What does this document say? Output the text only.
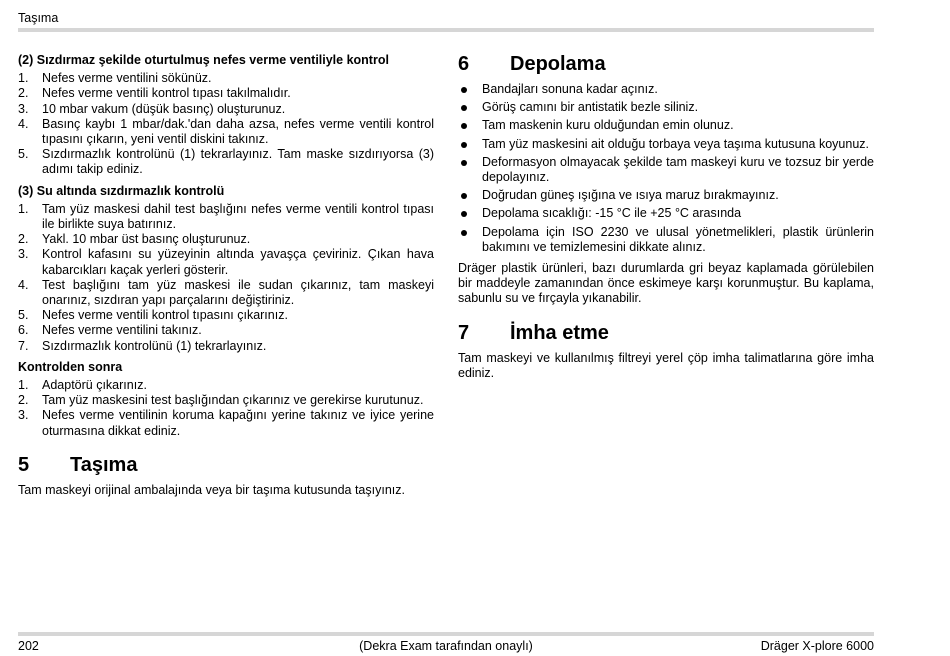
Taşıma
(2) Sızdırmaz şekilde oturtulmuş nefes verme ventiliyle kontrol
1. Nefes verme ventilini sökünüz.
2. Nefes verme ventili kontrol tıpası takılmalıdır.
3. 10 mbar vakum (düşük basınç) oluşturunuz.
4. Basınç kaybı 1 mbar/dak.'dan daha azsa, nefes verme ventili kontrol tıpasını çıkarın, yeni ventil diskini takınız.
5. Sızdırmazlık kontrolünü (1) tekrarlayınız. Tam maske sızdırıyorsa (3) adımı takip ediniz.
(3) Su altında sızdırmazlık kontrolü
1. Tam yüz maskesi dahil test başlığını nefes verme ventili kontrol tıpası ile birlikte suya batırınız.
2. Yakl. 10 mbar üst basınç oluşturunuz.
3. Kontrol kafasını su yüzeyinin altında yavaşça çeviriniz. Çıkan hava kabarcıkları kaçak yerleri gösterir.
4. Test başlığını tam yüz maskesi ile sudan çıkarınız, tam maskeyi onarınız, sızdıran yapı parçalarını değiştiriniz.
5. Nefes verme ventili kontrol tıpasını çıkarınız.
6. Nefes verme ventilini takınız.
7. Sızdırmazlık kontrolünü (1) tekrarlayınız.
Kontrolden sonra
1. Adaptörü çıkarınız.
2. Tam yüz maskesini test başlığından çıkarınız ve gerekirse kurutunuz.
3. Nefes verme ventilinin koruma kapağını yerine takınız ve iyice yerine oturmasına dikkat ediniz.
5	Taşıma

Tam maskeyi orijinal ambalajında veya bir taşıma kutusunda taşıyınız.

6	Depolama
Bandajları sonuna kadar açınız.
Görüş camını bir antistatik bezle siliniz.
Tam maskenin kuru olduğundan emin olunuz.
Tam yüz maskesini ait olduğu torbaya veya taşıma kutusuna koyunuz.
Deformasyon olmayacak şekilde tam maskeyi kuru ve tozsuz bir yerde depolayınız.
Doğrudan güneş ışığına ve ısıya maruz bırakmayınız.
Depolama sıcaklığı: -15 °C ile +25 °C arasında
Depolama için ISO 2230 ve ulusal yönetmelikleri, plastik ürünlerin bakımını ve temizlemesini dikkate alınız.

Dräger plastik ürünleri, bazı durumlarda gri beyaz kaplamada görülebilen bir maddeyle zamanından önce eskimeye karşı korunmuştur. Bu kaplama, sabunlu su ve fırçayla yıkanabilir.

7	İmha etme

Tam maskeyi ve kullanılmış filtreyi yerel çöp imha talimatlarına göre imha ediniz.

202	(Dekra Exam tarafından onaylı)	Dräger X-plore 6000
